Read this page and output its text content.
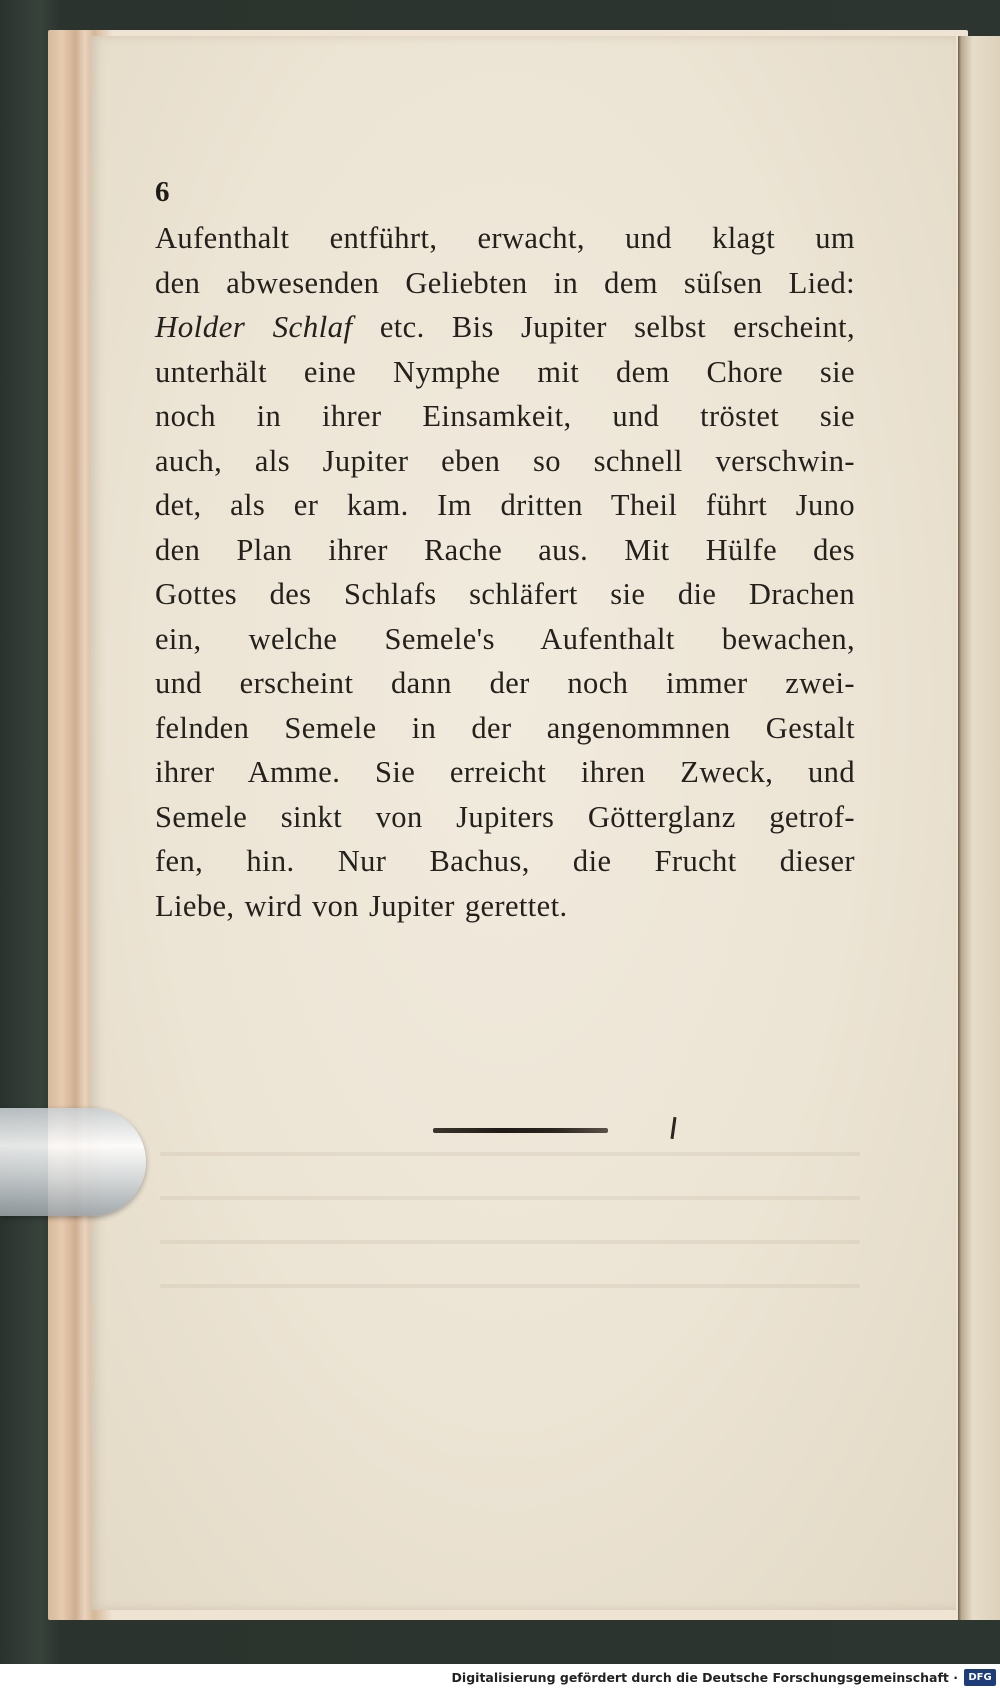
6
Aufenthalt entführt, erwacht, und klagt um
den abwesenden Geliebten in dem süſsen Lied:
Holder Schlaf etc. Bis Jupiter selbst erscheint,
unterhält eine Nymphe mit dem Chore sie
noch in ihrer Einsamkeit, und tröstet sie
auch, als Jupiter eben so schnell verschwin-
det, als er kam. Im dritten Theil führt Juno
den Plan ihrer Rache aus. Mit Hülfe des
Gottes des Schlafs schläfert sie die Drachen
ein, welche Semele's Aufenthalt bewachen,
und erscheint dann der noch immer zwei-
felnden Semele in der angenommnen Gestalt
ihrer Amme. Sie erreicht ihren Zweck, und
Semele sinkt von Jupiters Götterglanz getrof-
fen, hin. Nur Bachus, die Frucht dieser
Liebe, wird von Jupiter gerettet.
Digitalisierung gefördert durch die Deutsche Forschungsgemeinschaft ·	DFG
